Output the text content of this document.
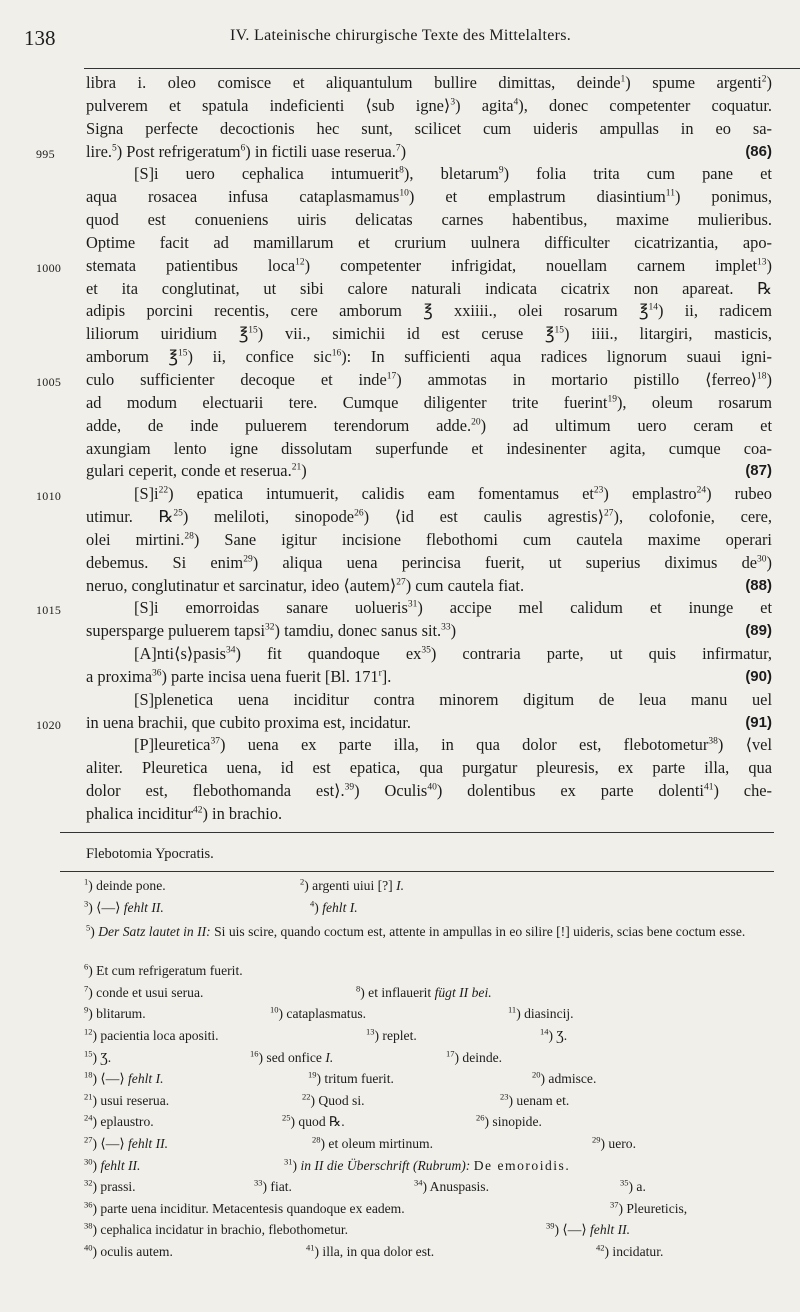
138	IV. Lateinische chirurgische Texte des Mittelalters.
libra i. oleo comisce et aliquantulum bullire dimittas, deinde$^1$) spume argenti$^2$)
pulverem et spatula indeficienti ⟨sub igne⟩$^3$) agita$^4$), donec competenter coquatur.
Signa perfecte decoctionis hec sunt, scilicet cum uideris ampullas in eo sa-
995 lire.$^5$) Post refrigeratum$^6$) in fictili uase reserua.$^7$)	(86)
[S]i uero cephalica intumuerit$^8$), bletarum$^9$) folia trita cum pane et
aqua rosacea infusa cataplasmamus$^{10}$) et emplastrum diasintium$^{11}$) ponimus,
quod est conueniens uiris delicatas carnes habentibus, maxime mulieribus.
Optime facit ad mamillarum et crurium uulnera difficulter cicatrizantia, apo-
1000 stemata patientibus loca$^{12}$) competenter infrigidat, nouellam carnem implet$^{13}$)
et ita conglutinat, ut sibi calore naturali indicata cicatrix non apareat. ℞
adipis porcini recentis, cere amborum ℥ xxiiii., olei rosarum ℥$^{14}$) ii, radicem
liliorum uiridium ℥$^{15}$) vii., simichii id est ceruse ℥$^{15}$) iiii., litargiri, masticis,
amborum ℥$^{15}$) ii, confice sic$^{16}$): In sufficienti aqua radices lignorum suaui igni-
1005 culo sufficienter decoque et inde$^{17}$) ammotas in mortario pistillo ⟨ferreo⟩$^{18}$)
ad modum electuarii tere. Cumque diligenter trite fuerint$^{19}$), oleum rosarum
adde, de inde puluerem terendorum adde.$^{20}$) ad ultimum uero ceram et
axungiam lento igne dissolutam superfunde et indesinenter agita, cumque coa-
gulari ceperit, conde et reserua.$^{21}$)	(87)
1010	$[S]i^{22}$) epatica intumuerit, calidis eam fomentamus $et^{23}$) emplastro$^{24}$) rubeo
utimur. ℞$^{25}$) meliloti, sinopode$^{26}$) ⟨id est caulis agrestis⟩$^{27}$), colofonie, cere,
olei mirtini.$^{28}$) Sane igitur incisione flebothomi cum cautela maxime operari
debemus. Si enim$^{29}$) aliqua uena perincisa fuerit, ut superius diximus $de^{30}$)
neruo, conglutinatur et sarcinatur, ideo ⟨autem⟩$^{27}$) cum cautela fiat.	(88)
1015	[S]i emorroidas sanare uolueris$^{31}$) accipe mel calidum et inunge et
supersparge puluerem tapsi$^{32}$) tamdiu, donec sanus sit.$^{33}$)	(89)
[A]nti⟨s⟩pasis$^{34}$) fit quandoque $ex^{35}$) contraria parte, ut quis infirmatur,
a proxima$^{36}$) parte incisa uena fuerit [Bl. 171$^r$].	(90)
[S]plenetica uena inciditur contra minorem digitum de leua manu uel
1020 in uena brachii, que cubito proxima est, incidatur.	(91)
[P]leuretica$^{37}$) uena ex parte illa, in qua dolor est, flebotometur$^{38}$) ⟨vel
aliter. Pleuretica uena, id est epatica, qua purgatur pleuresis, ex parte illa, qua
dolor est, flebothomanda est⟩.$^{39}$) Oculis$^{40}$) dolentibus ex parte dolenti$^{41}$) che-
phalica inciditur$^{42}$) in brachio.
Flebotomia Ypocratis.
$^1$) deinde pone.	$^2$) argenti uiui [?] I.
$^3$) ⟨—⟩ fehlt II.	$^4$) fehlt I.
$^5$) Der Satz lautet in II: Si uis scire, quando coctum est, attente in ampullas in eo silire [!] uideris, scias bene coctum esse.
$^6$) Et cum refrigeratum fuerit.
$^7$) conde et usui serua.	$^8$) et inflauerit fügt II bei.
$^9$) blitarum.	$^{10}$) cataplasmatus.	$^{11}$) diasincij.
$^{12}$) pacientia loca apositi.	$^{13}$) replet.	$^{14}$) Ʒ.
$^{15}$) Ʒ.	$^{16}$) sed onfice I.	$^{17}$) deinde.
$^{18}$) ⟨—⟩ fehlt I.	$^{19}$) tritum fuerit.	$^{20}$) admisce.
$^{21}$) usui reserua.	$^{22}$) Quod si.	$^{23}$) uenam et.
$^{24}$) eplaustro.	$^{25}$) quod ℞.	$^{26}$) sinopide.
$^{27}$) ⟨—⟩ fehlt II.	$^{28}$) et oleum mirtinum.	$^{29}$) uero.
$^{30}$) fehlt II.	$^{31}$) in II die Überschrift (Rubrum): De emoroidis.
$^{32}$) prassi.	$^{33}$) fiat.	$^{34}$) Anuspasis.	$^{35}$) a.
$^{36}$) parte uena inciditur. Metacentesis quandoque ex eadem.	$^{37}$) Pleureticis,
$^{38}$) cephalica incidatur in brachio, flebothometur.	$^{39}$) ⟨—⟩ fehlt II.
$^{40}$) oculis autem.	$^{41}$) illa, in qua dolor est.	$^{42}$) incidatur.
